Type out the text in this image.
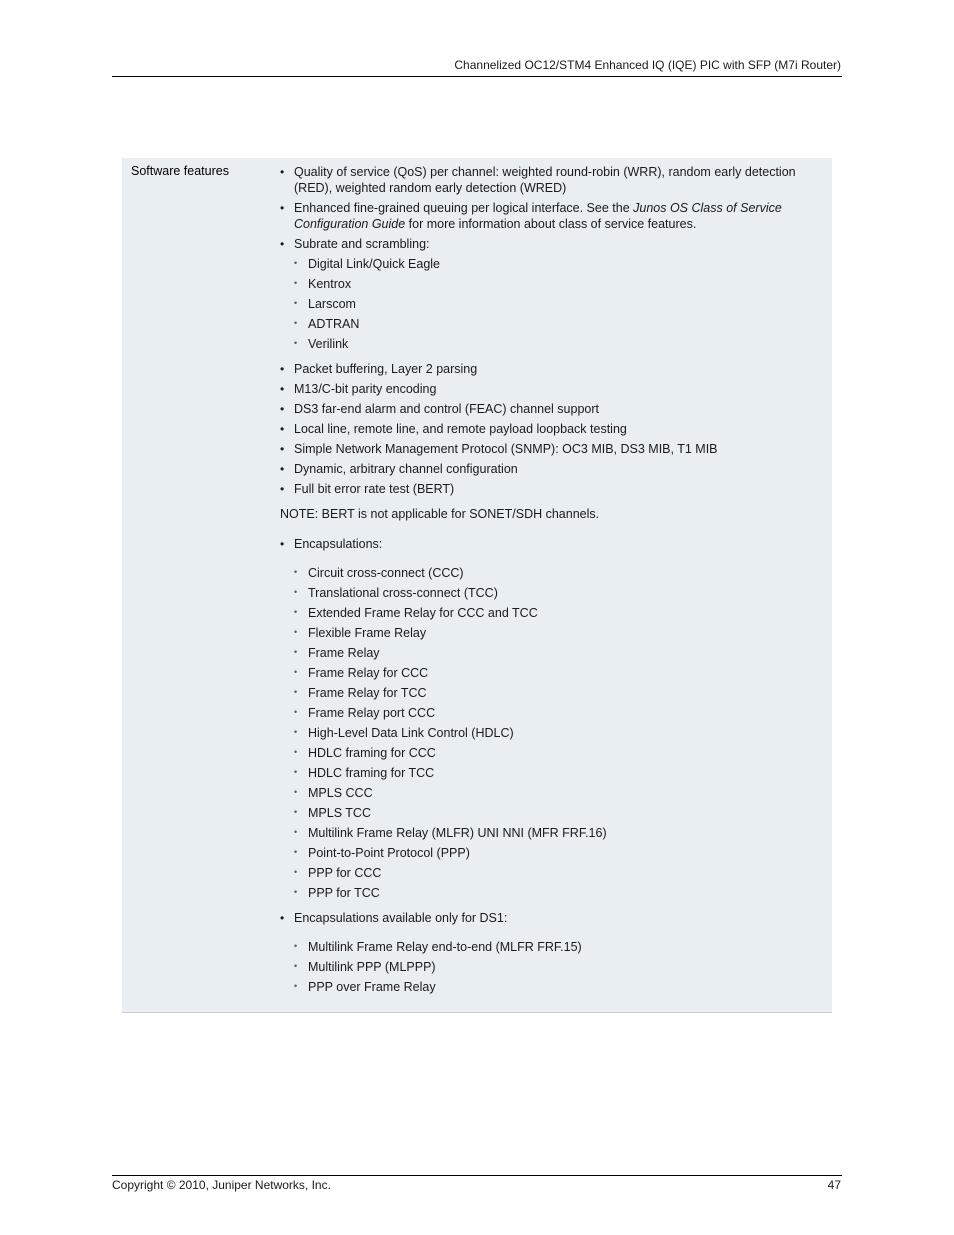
Channelized OC12/STM4 Enhanced IQ (IQE) PIC with SFP (M7i Router)
Software features	• Quality of service (QoS) per channel: weighted round-robin (WRR), random early detection (RED), weighted random early detection (WRED)
• Enhanced fine-grained queuing per logical interface. See the Junos OS Class of Service Configuration Guide for more information about class of service features.
• Subrate and scrambling:
• Digital Link/Quick Eagle
• Kentrox
• Larscom
• ADTRAN
• Verilink
• Packet buffering, Layer 2 parsing
• M13/C-bit parity encoding
• DS3 far-end alarm and control (FEAC) channel support
• Local line, remote line, and remote payload loopback testing
• Simple Network Management Protocol (SNMP): OC3 MIB, DS3 MIB, T1 MIB
• Dynamic, arbitrary channel configuration
• Full bit error rate test (BERT)
NOTE: BERT is not applicable for SONET/SDH channels.
• Encapsulations:
• Circuit cross-connect (CCC)
• Translational cross-connect (TCC)
• Extended Frame Relay for CCC and TCC
• Flexible Frame Relay
• Frame Relay
• Frame Relay for CCC
• Frame Relay for TCC
• Frame Relay port CCC
• High-Level Data Link Control (HDLC)
• HDLC framing for CCC
• HDLC framing for TCC
• MPLS CCC
• MPLS TCC
• Multilink Frame Relay (MLFR) UNI NNI (MFR FRF.16)
• Point-to-Point Protocol (PPP)
• PPP for CCC
• PPP for TCC
• Encapsulations available only for DS1:
• Multilink Frame Relay end-to-end (MLFR FRF.15)
• Multilink PPP (MLPPP)
• PPP over Frame Relay
Copyright © 2010, Juniper Networks, Inc.	47
